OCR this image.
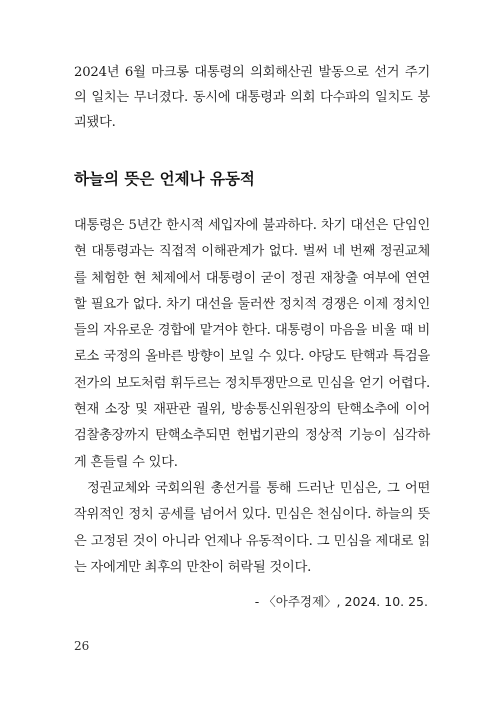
2024년 6월 마크롱 대통령의 의회해산권 발동으로 선거 주기의 일치는 무너졌다. 동시에 대통령과 의회 다수파의 일치도 붕괴됐다.

하늘의 뜻은 언제나 유동적

대통령은 5년간 한시적 세입자에 불과하다. 차기 대선은 단임인 현 대통령과는 직접적 이해관계가 없다. 벌써 네 번째 정권교체를 체험한 현 체제에서 대통령이 굳이 정권 재창출 여부에 연연할 필요가 없다. 차기 대선을 둘러싼 정치적 경쟁은 이제 정치인들의 자유로운 경합에 맡겨야 한다. 대통령이 마음을 비울 때 비로소 국정의 올바른 방향이 보일 수 있다. 야당도 탄핵과 특검을 전가의 보도처럼 휘두르는 정치투쟁만으로 민심을 얻기 어렵다. 현재 소장 및 재판관 궐위, 방송통신위원장의 탄핵소추에 이어 검찰총장까지 탄핵소추되면 헌법기관의 정상적 기능이 심각하게 흔들릴 수 있다.

정권교체와 국회의원 총선거를 통해 드러난 민심은, 그 어떤 작위적인 정치 공세를 넘어서 있다. 민심은 천심이다. 하늘의 뜻은 고정된 것이 아니라 언제나 유동적이다. 그 민심을 제대로 읽는 자에게만 최후의 만찬이 허락될 것이다.

- 〈아주경제〉, 2024. 10. 25.

26
